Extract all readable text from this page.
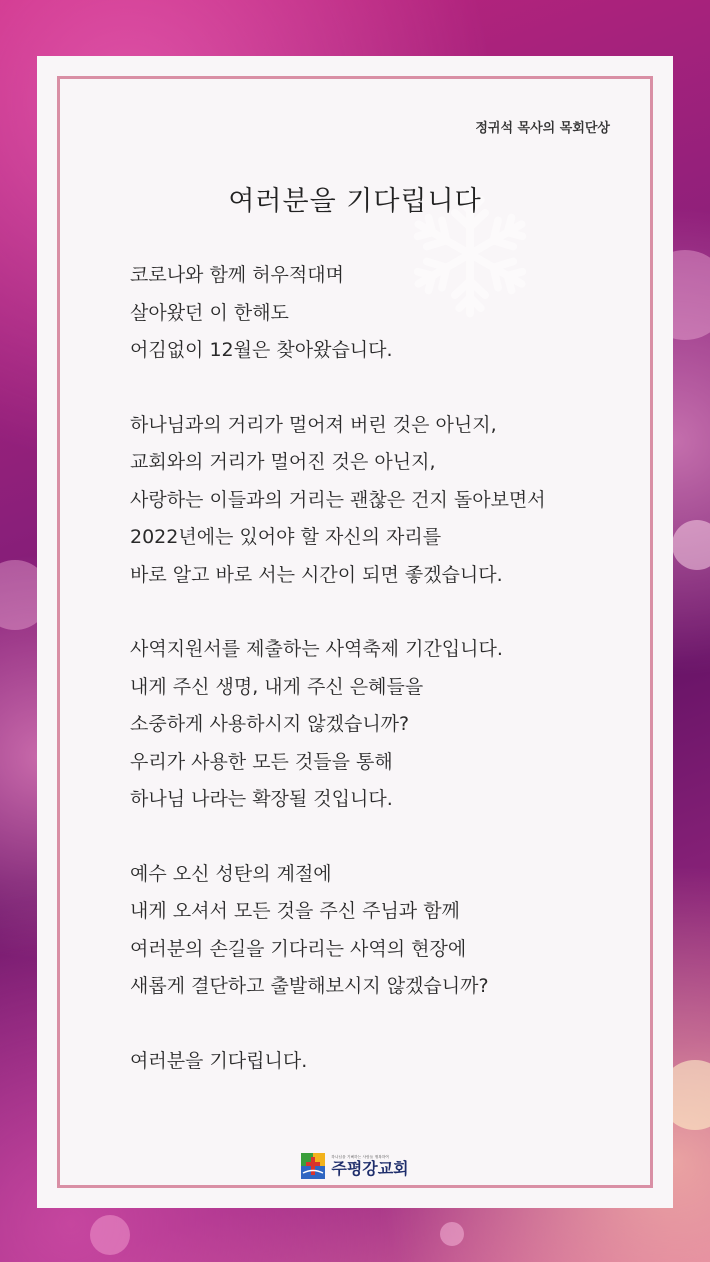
정귀석 목사의 목회단상
여러분을 기다립니다
코로나와 함께 허우적대며
살아왔던 이 한해도
어김없이 12월은 찾아왔습니다.
하나님과의 거리가 멀어져 버린 것은 아닌지,
교회와의 거리가 멀어진 것은 아닌지,
사랑하는 이들과의 거리는 괜찮은 건지 돌아보면서
2022년에는 있어야 할 자신의 자리를
바로 알고 바로 서는 시간이 되면 좋겠습니다.
사역지원서를 제출하는 사역축제 기간입니다.
내게 주신 생명, 내게 주신 은혜들을
소중하게 사용하시지 않겠습니까?
우리가 사용한 모든 것들을 통해
하나님 나라는 확장될 것입니다.
예수 오신 성탄의 계절에
내게 오셔서 모든 것을 주신 주님과 함께
여러분의 손길을 기다리는 사역의 현장에
새롭게 결단하고 출발해보시지 않겠습니까?
여러분을 기다립니다.
하나님을 기뻐하는 사람들 행복하여
주평강교회
